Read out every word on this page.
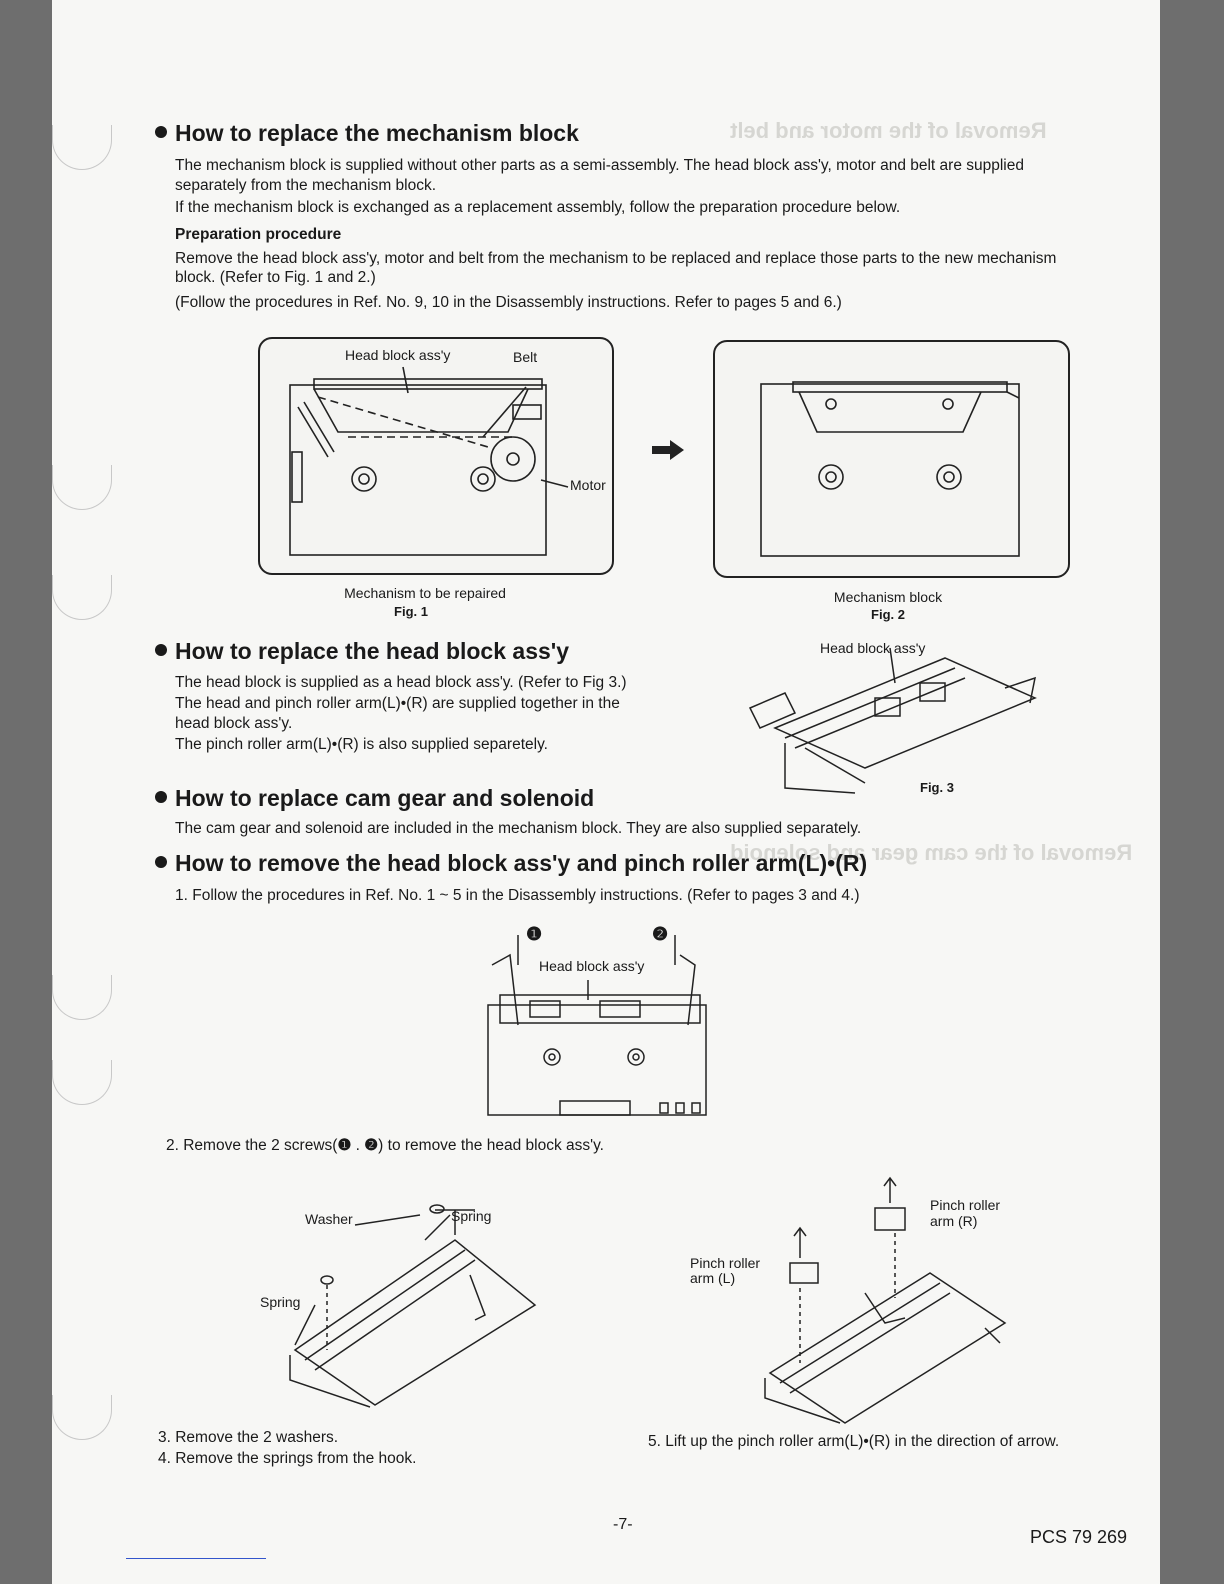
Removal of the motor and belt
Removal of the cam gear and solenoid
How to replace the mechanism block
The mechanism block is supplied without other parts as a semi-assembly. The head block ass'y, motor and belt are supplied
separately from the mechanism block.
If the mechanism block is exchanged as a replacement assembly, follow the preparation procedure below.
Preparation procedure
Remove the head block ass'y, motor and belt from the mechanism to be replaced and replace those parts to the new mechanism
block. (Refer to Fig. 1 and 2.)
(Follow the procedures in Ref. No. 9, 10 in the Disassembly instructions. Refer to pages 5 and 6.)
Head block ass'y	Belt
Motor
Mechanism to be repaired
Fig. 1
Mechanism block
Fig. 2
How to replace the head block ass'y
The head block is supplied as a head block ass'y. (Refer to Fig 3.)
The head and pinch roller arm(L)•(R) are supplied together in the
head block ass'y.
The pinch roller arm(L)•(R) is also supplied separetely.
Head block ass'y
Fig. 3
How to replace cam gear and solenoid
The cam gear and solenoid are included in the mechanism block. They are also supplied separately.
How to remove the head block ass'y and pinch roller arm(L)•(R)
1. Follow the procedures in Ref. No. 1 ~ 5 in the Disassembly instructions. (Refer to pages 3 and 4.)
❶	❷
Head block ass'y
2. Remove the 2 screws(❶ . ❷) to remove the head block ass'y.
Washer	Spring
Spring
Pinch roller
arm (R)
Pinch roller
arm (L)
3. Remove the 2 washers.
4. Remove the springs from the hook.
5. Lift up the pinch roller arm(L)•(R) in the direction of arrow.
-7-
PCS 79 269
